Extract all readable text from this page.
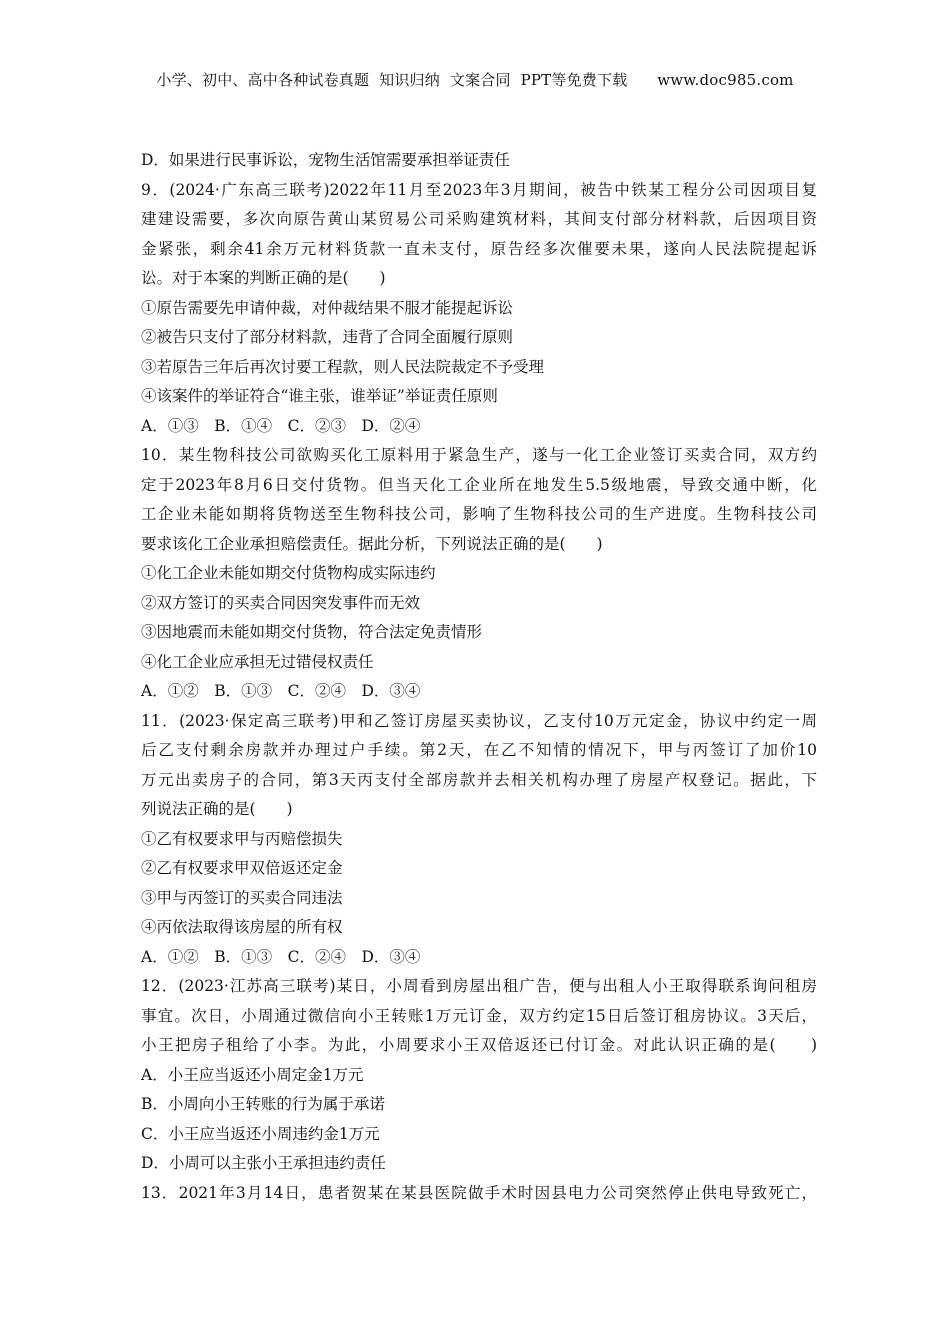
小学、初中、高中各种试卷真题  知识归纳  文案合同  PPT等免费下载      www.doc985.com
D．如果进行民事诉讼，宠物生活馆需要承担举证责任
9．(2024·广东高三联考)2022年11月至2023年3月期间，被告中铁某工程分公司因项目复
建建设需要，多次向原告黄山某贸易公司采购建筑材料，其间支付部分材料款，后因项目资
金紧张，剩余41余万元材料货款一直未支付，原告经多次催要未果，遂向人民法院提起诉
讼。对于本案的判断正确的是(　　)
①原告需要先申请仲裁，对仲裁结果不服才能提起诉讼
②被告只支付了部分材料款，违背了合同全面履行原则
③若原告三年后再次讨要工程款，则人民法院裁定不予受理
④该案件的举证符合“谁主张，谁举证”举证责任原则
A．①③　B．①④　C．②③　D．②④
10．某生物科技公司欲购买化工原料用于紧急生产，遂与一化工企业签订买卖合同，双方约
定于2023年8月6日交付货物。但当天化工企业所在地发生5.5级地震，导致交通中断，化
工企业未能如期将货物送至生物科技公司，影响了生物科技公司的生产进度。生物科技公司
要求该化工企业承担赔偿责任。据此分析，下列说法正确的是(　　)
①化工企业未能如期交付货物构成实际违约
②双方签订的买卖合同因突发事件而无效
③因地震而未能如期交付货物，符合法定免责情形
④化工企业应承担无过错侵权责任
A．①②　B．①③　C．②④　D．③④
11．(2023·保定高三联考)甲和乙签订房屋买卖协议，乙支付10万元定金，协议中约定一周
后乙支付剩余房款并办理过户手续。第2天，在乙不知情的情况下，甲与丙签订了加价10
万元出卖房子的合同，第3天丙支付全部房款并去相关机构办理了房屋产权登记。据此，下
列说法正确的是(　　)
①乙有权要求甲与丙赔偿损失
②乙有权要求甲双倍返还定金
③甲与丙签订的买卖合同违法
④丙依法取得该房屋的所有权
A．①②　B．①③　C．②④　D．③④
12．(2023·江苏高三联考)某日，小周看到房屋出租广告，便与出租人小王取得联系询问租房
事宜。次日，小周通过微信向小王转账1万元订金，双方约定15日后签订租房协议。3天后，
小王把房子租给了小李。为此，小周要求小王双倍返还已付订金。对此认识正确的是(　　)
A．小王应当返还小周定金1万元
B．小周向小王转账的行为属于承诺
C．小王应当返还小周违约金1万元
D．小周可以主张小王承担违约责任
13．2021年3月14日，患者贺某在某县医院做手术时因县电力公司突然停止供电导致死亡，
